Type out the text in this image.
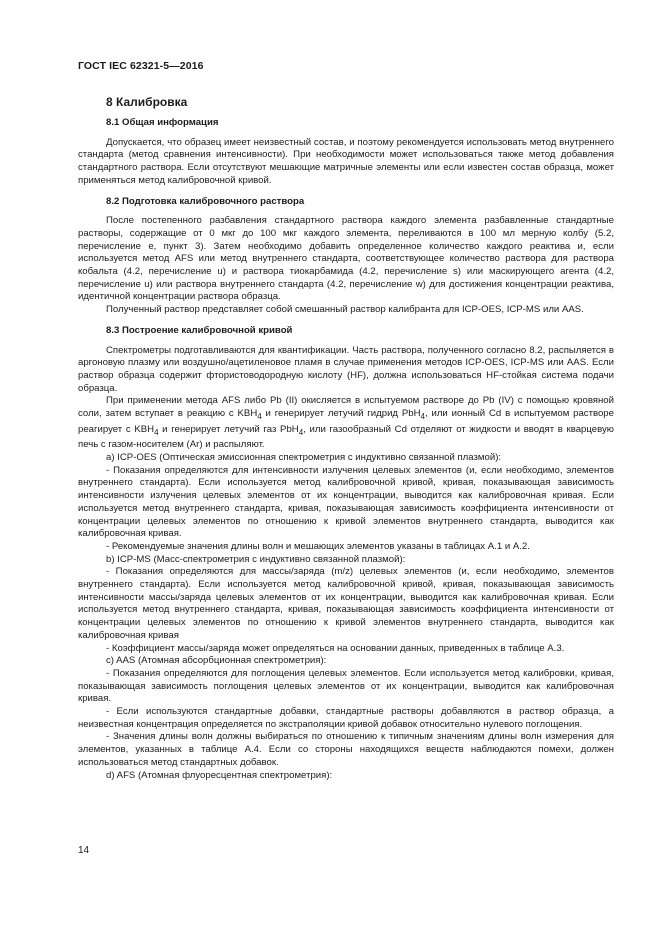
ГОСТ IEC 62321-5—2016
8 Калибровка
8.1 Общая информация

Допускается, что образец имеет неизвестный состав, и поэтому рекомендуется использовать метод внутреннего стандарта (метод сравнения интенсивности). При необходимости может использоваться также метод добавления стандартного раствора. Если отсутствуют мешающие матричные элементы или если известен состав образца, может применяться метод калибровочной кривой.

8.2 Подготовка калибровочного раствора

После постепенного разбавления стандартного раствора каждого элемента разбавленные стандартные растворы, содержащие от 0 мкг до 100 мкг каждого элемента, переливаются в 100 мл мерную колбу (5.2, перечисление е, пункт 3). Затем необходимо добавить определенное количество каждого реактива и, если используется метод AFS или метод внутреннего стандарта, соответствующее количество раствора для раствора кобальта (4.2, перечисление u) и раствора тиокарбамида (4.2, перечисление s) или маскирующего агента (4.2, перечисление u) или раствора внутреннего стандарта (4.2, перечисление w) для достижения концентрации реактива, идентичной концентрации раствора образца.

Полученный раствор представляет собой смешанный раствор калибранта для ICP-OES, ICP-MS или AAS.

8.3 Построение калибровочной кривой

Спектрометры подготавливаются для квантификации. Часть раствора, полученного согласно 8.2, распыляется в аргоновую плазму или воздушно/ацетиленовое пламя в случае применения методов ICP-OES, ICP-MS или AAS. Если раствор образца содержит фтористоводородную кислоту (HF), должна использоваться HF-стойкая система подачи образца.

При применении метода AFS либо Pb (II) окисляется в испытуемом растворе до Pb (IV) с помощью кровяной соли, затем вступает в реакцию с $KBH_4$ и генерирует летучий гидрид PbH$_4$, или ионный Cd в испытуемом растворе реагирует с $KBH_4$ и генерирует летучий газ PbH$_4$, или газообразный Cd отделяют от жидкости и вводят в кварцевую печь с газом-носителем (Ar) и распыляют.

a) ICP-OES (Оптическая эмиссионная спектрометрия с индуктивно связанной плазмой):

- Показания определяются для интенсивности излучения целевых элементов (и, если необходимо, элементов внутреннего стандарта). Если используется метод калибровочной кривой, кривая, показывающая зависимость интенсивности излучения целевых элементов от их концентрации, выводится как калибровочная кривая. Если используется метод внутреннего стандарта, кривая, показывающая зависимость коэффициента интенсивности от концентрации целевых элементов по отношению к кривой элементов внутреннего стандарта, выводится как калибровочная кривая.

- Рекомендуемые значения длины волн и мешающих элементов указаны в таблицах А.1 и А.2.

b) ICP-MS (Масс-спектрометрия с индуктивно связанной плазмой):

- Показания определяются для массы/заряда (m/z) целевых элементов (и, если необходимо, элементов внутреннего стандарта). Если используется метод калибровочной кривой, кривая, показывающая зависимость интенсивности массы/заряда целевых элементов от их концентрации, выводится как калибровочная кривая. Если используется метод внутреннего стандарта, кривая, показывающая зависимость коэффициента интенсивности от концентрации целевых элементов по отношению к кривой элементов внутреннего стандарта, выводится как калибровочная кривая

- Коэффициент массы/заряда может определяться на основании данных, приведенных в таблице А.3.

c) AAS (Атомная абсорбционная спектрометрия):

- Показания определяются для поглощения целевых элементов. Если используется метод калибровки, кривая, показывающая зависимость поглощения целевых элементов от их концентрации, выводится как калибровочная кривая.

- Если используются стандартные добавки, стандартные растворы добавляются в раствор образца, а неизвестная концентрация определяется по экстраполяции кривой добавок относительно нулевого поглощения.

- Значения длины волн должны выбираться по отношению к типичным значениям длины волн измерения для элементов, указанных в таблице А.4. Если со стороны находящихся веществ наблюдаются помехи, должен использоваться метод стандартных добавок.

d) AFS (Атомная флуоресцентная спектрометрия):

14
